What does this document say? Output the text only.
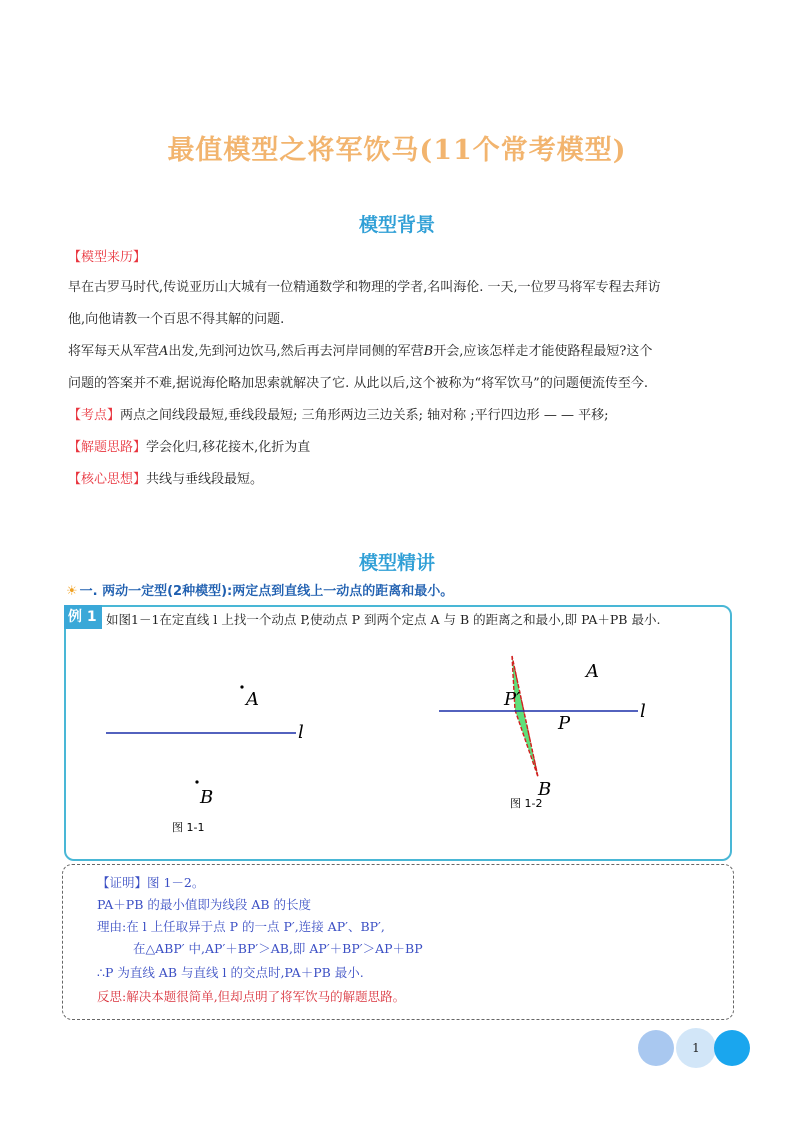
最值模型之将军饮马(11个常考模型)
模型背景
【模型来历】
早在古罗马时代,传说亚历山大城有一位精通数学和物理的学者,名叫海伦. 一天,一位罗马将军专程去拜访
他,向他请教一个百思不得其解的问题.
将军每天从军营A出发,先到河边饮马,然后再去河岸同侧的军营B开会,应该怎样走才能使路程最短?这个
问题的答案并不难,据说海伦略加思索就解决了它. 从此以后,这个被称为“将军饮马”的问题便流传至今.
【考点】两点之间线段最短,垂线段最短; 三角形两边三边关系; 轴对称 ;平行四边形 — — 平移;
【解题思路】学会化归,移花接木,化折为直
【核心思想】共线与垂线段最短。
模型精讲
☀ 一. 两动一定型(2种模型):两定点到直线上一动点的距离和最小。
例 1 如图1－1在定直线 l 上找一个动点 P,使动点 P 到两个定点 A 与 B 的距离之和最小,即 PA＋PB 最小.
A
l
B
图 1-1
l
A
P′
P
B
图 1-2
【证明】图 1－2。
PA＋PB 的最小值即为线段 AB 的长度
理由:在 l 上任取异于点 P 的一点 P′,连接 AP′、BP′,
在△ABP′ 中,AP′＋BP′＞AB,即 AP′＋BP′＞AP＋BP
∴P 为直线 AB 与直线 l 的交点时,PA＋PB 最小.
反思:解决本题很简单,但却点明了将军饮马的解题思路。
1
